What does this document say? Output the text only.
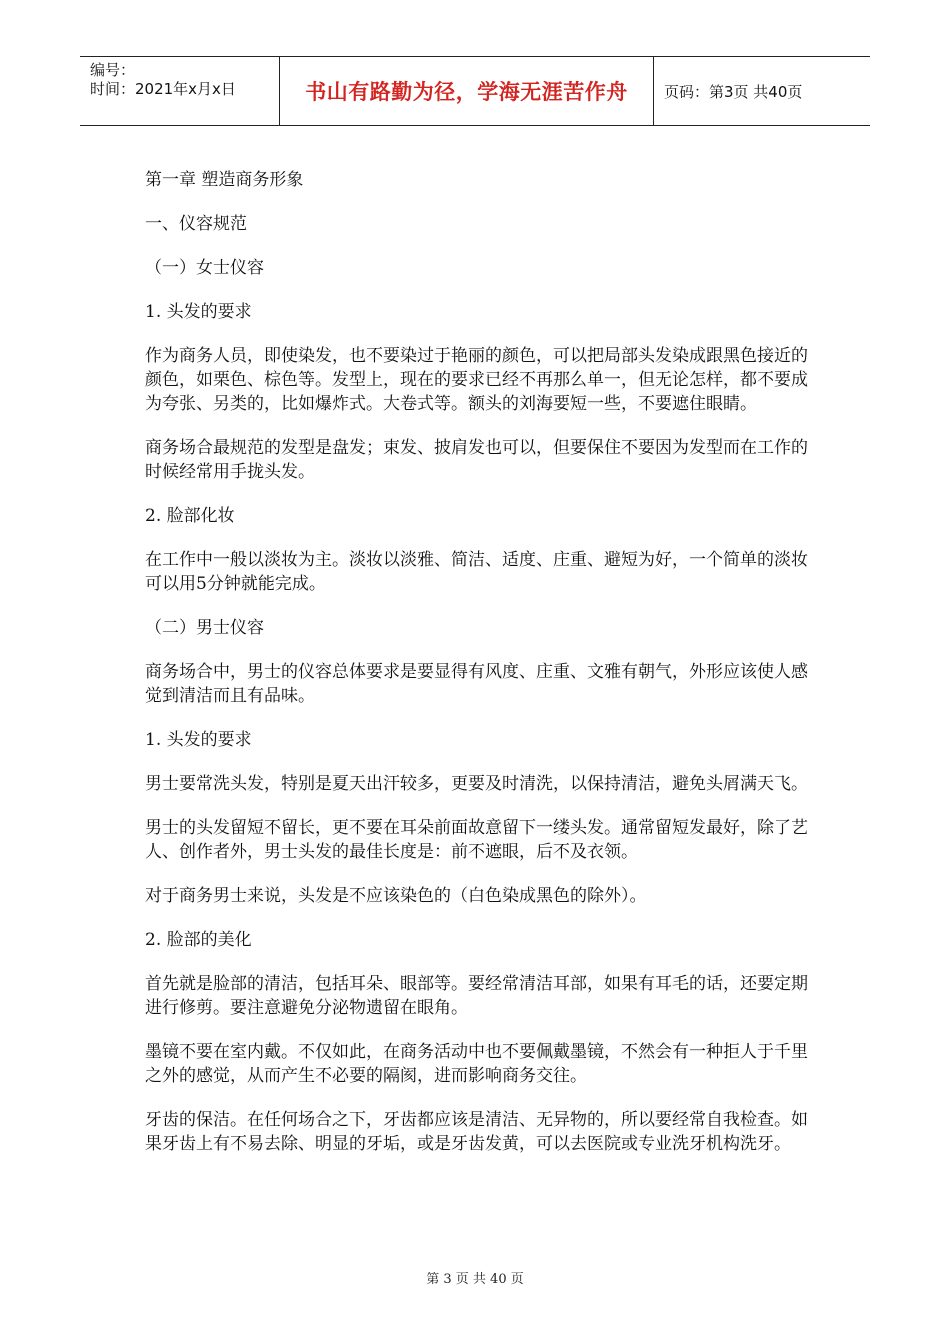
编号：
时间：2021年x月x日	书山有路勤为径，学海无涯苦作舟	页码：第3页 共40页

第一章 塑造商务形象

一、仪容规范

（一）女士仪容

1. 头发的要求

作为商务人员，即使染发，也不要染过于艳丽的颜色，可以把局部头发染成跟黑色接近的颜色，如栗色、棕色等。发型上，现在的要求已经不再那么单一，但无论怎样，都不要成为夸张、另类的，比如爆炸式。大卷式等。额头的刘海要短一些，不要遮住眼睛。

商务场合最规范的发型是盘发；束发、披肩发也可以，但要保住不要因为发型而在工作的时候经常用手拢头发。

2. 脸部化妆

在工作中一般以淡妆为主。淡妆以淡雅、简洁、适度、庄重、避短为好，一个简单的淡妆可以用5分钟就能完成。

（二）男士仪容

商务场合中，男士的仪容总体要求是要显得有风度、庄重、文雅有朝气，外形应该使人感觉到清洁而且有品味。

1. 头发的要求

男士要常洗头发，特别是夏天出汗较多，更要及时清洗，以保持清洁，避免头屑满天飞。

男士的头发留短不留长，更不要在耳朵前面故意留下一缕头发。通常留短发最好，除了艺人、创作者外，男士头发的最佳长度是：前不遮眼，后不及衣领。

对于商务男士来说，头发是不应该染色的（白色染成黑色的除外）。

2. 脸部的美化

首先就是脸部的清洁，包括耳朵、眼部等。要经常清洁耳部，如果有耳毛的话，还要定期进行修剪。要注意避免分泌物遗留在眼角。

墨镜不要在室内戴。不仅如此，在商务活动中也不要佩戴墨镜，不然会有一种拒人于千里之外的感觉，从而产生不必要的隔阂，进而影响商务交往。

牙齿的保洁。在任何场合之下，牙齿都应该是清洁、无异物的，所以要经常自我检查。如果牙齿上有不易去除、明显的牙垢，或是牙齿发黄，可以去医院或专业洗牙机构洗牙。

第 3 页 共 40 页
